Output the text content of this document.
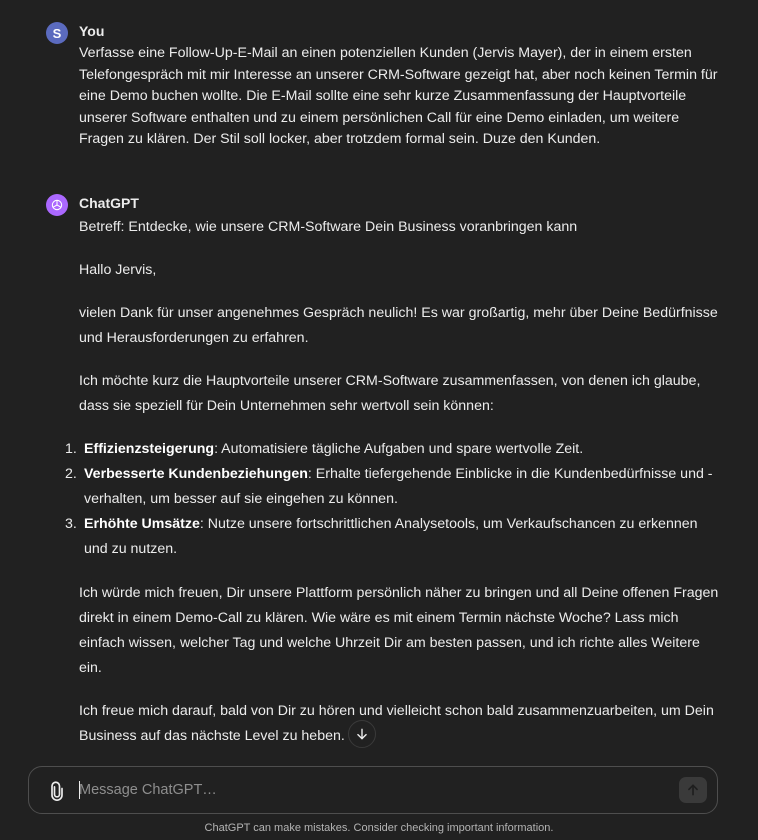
S	You
Verfasse eine Follow-Up-E-Mail an einen potenziellen Kunden (Jervis Mayer), der in einem ersten Telefongespräch mit mir Interesse an unserer CRM-Software gezeigt hat, aber noch keinen Termin für eine Demo buchen wollte. Die E-Mail sollte eine sehr kurze Zusammenfassung der Hauptvorteile unserer Software enthalten und zu einem persönlichen Call für eine Demo einladen, um weitere Fragen zu klären. Der Stil soll locker, aber trotzdem formal sein. Duze den Kunden.
ChatGPT

Betreff: Entdecke, wie unsere CRM-Software Dein Business voranbringen kann

Hallo Jervis,

vielen Dank für unser angenehmes Gespräch neulich! Es war großartig, mehr über Deine Bedürfnisse und Herausforderungen zu erfahren.

Ich möchte kurz die Hauptvorteile unserer CRM-Software zusammenfassen, von denen ich glaube, dass sie speziell für Dein Unternehmen sehr wertvoll sein können:

1. Effizienzsteigerung: Automatisiere tägliche Aufgaben und spare wertvolle Zeit.
2. Verbesserte Kundenbeziehungen: Erhalte tiefergehende Einblicke in die Kundenbedürfnisse und -verhalten, um besser auf sie eingehen zu können.
3. Erhöhte Umsätze: Nutze unsere fortschrittlichen Analysetools, um Verkaufschancen zu erkennen und zu nutzen.

Ich würde mich freuen, Dir unsere Plattform persönlich näher zu bringen und all Deine offenen Fragen direkt in einem Demo-Call zu klären. Wie wäre es mit einem Termin nächste Woche? Lass mich einfach wissen, welcher Tag und welche Uhrzeit Dir am besten passen, und ich richte alles Weitere ein.

Ich freue mich darauf, bald von Dir zu hören und vielleicht schon bald zusammenzuarbeiten, um Dein Business auf das nächste Level zu heben.

Message ChatGPT…
ChatGPT can make mistakes. Consider checking important information.
